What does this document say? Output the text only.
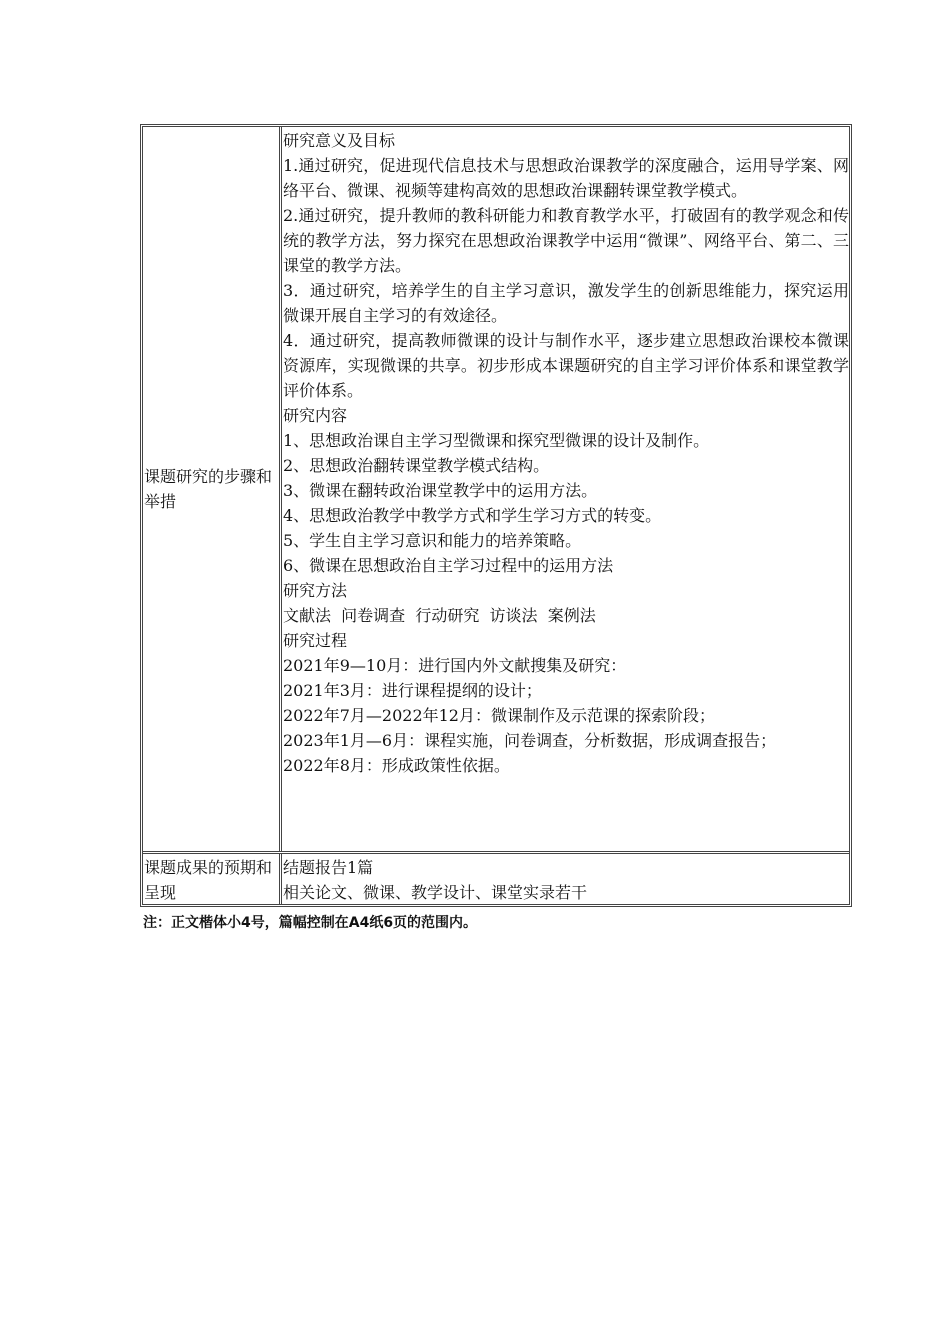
课题研究的步骤和举措

研究意义及目标

1.通过研究，促进现代信息技术与思想政治课教学的深度融合，运用导学案、网络平台、微课、视频等建构高效的思想政治课翻转课堂教学模式。

2.通过研究，提升教师的教科研能力和教育教学水平，打破固有的教学观念和传统的教学方法，努力探究在思想政治课教学中运用“微课”、网络平台、第二、三课堂的教学方法。

3．通过研究，培养学生的自主学习意识，激发学生的创新思维能力，探究运用微课开展自主学习的有效途径。

4．通过研究，提高教师微课的设计与制作水平，逐步建立思想政治课校本微课资源库，实现微课的共享。初步形成本课题研究的自主学习评价体系和课堂教学评价体系。

研究内容

1、思想政治课自主学习型微课和探究型微课的设计及制作。

2、思想政治翻转课堂教学模式结构。

3、微课在翻转政治课堂教学中的运用方法。

4、思想政治教学中教学方式和学生学习方式的转变。

5、学生自主学习意识和能力的培养策略。

6、微课在思想政治自主学习过程中的运用方法

研究方法

文献法  问卷调查  行动研究  访谈法  案例法

研究过程

2021年9—10月：进行国内外文献搜集及研究：

2021年3月：进行课程提纲的设计；

2022年7月—2022年12月：微课制作及示范课的探索阶段；

2023年1月—6月：课程实施，问卷调查，分析数据，形成调查报告；

2022年8月：形成政策性依据。

课题成果的预期和呈现

结题报告1篇

相关论文、微课、教学设计、课堂实录若干

注：正文楷体小4号，篇幅控制在A4纸6页的范围内。
